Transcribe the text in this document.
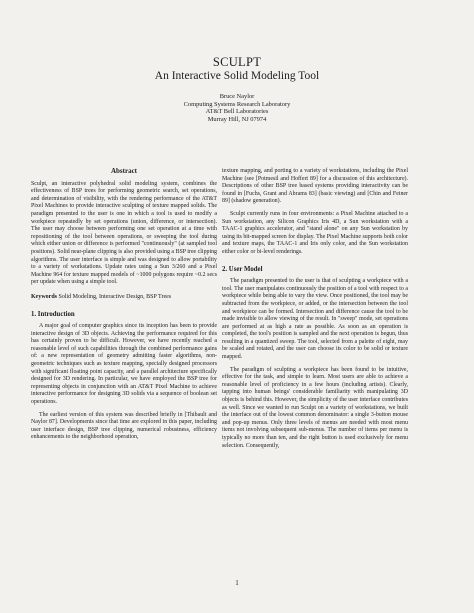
SCULPT
An Interactive Solid Modeling Tool
Bruce Naylor
Computing Systems Research Laboratory
AT&T Bell Laboratories
Murray Hill, NJ 07974
Abstract

Sculpt, an interactive polyhedral solid modeling system, combines the effectiveness of BSP trees for performing geometric search, set operations, and determination of visibility, with the rendering performance of the AT&T Pixel Machines to provide interactive sculpting of texture mapped solids. The paradigm presented to the user is one in which a tool is used to modify a workpiece repeatedly by set operations (union, difference, or intersection). The user may choose between performing one set operation at a time with repositioning of the tool between operations, or sweeping the tool during which either union or difference is performed "continuously" (at sampled tool positions). Solid near-plane clipping is also provided using a BSP tree clipping algorithms. The user interface is simple and was designed to allow portability to a variety of workstations. Update rates using a Sun 3/260 and a Pixel Machine 964 for texture mapped models of ~1000 polygons require ~0.2 secs per update when using a simple tool.

Keywords Solid Modeling, Interactive Design, BSP Trees
1. Introduction

A major goal of computer graphics since its inception has been to provide interactive design of 3D objects. Achieving the performance required for this has certainly proven to be difficult. However, we have recently reached a reasonable level of such capabilities through the combined performance gains of: a new representation of geometry admitting faster algorithms, non-geometric techniques such as texture mapping, specially designed processors with significant floating point capacity, and a parallel architecture specifically designed for 3D rendering. In particular, we have employed the BSP tree for representing objects in conjunction with an AT&T Pixel Machine to achieve interactive performance for designing 3D solids via a sequence of boolean set operations.

The earliest version of this system was described briefly in [Thibault and Naylor 87]. Developments since that time are explored in this paper, including user interface design, BSP tree clipping, numerical robustness, efficiency enhancements to the neighborhood operation,

texture mapping, and porting to a variety of workstations, including the Pixel Machine (see [Potmesil and Hoffert 89] for a discussion of this architecture). Descriptions of other BSP tree based systems providing interactivity can be found in [Fuchs, Grant and Abrams 83] (basic viewing) and [Chin and Feiner 89] (shadow generation).

Sculpt currently runs in four environments: a Pixel Machine attached to a Sun workstation, any Silicon Graphics Iris 4D, a Sun workstation with a TAAC-1 graphics accelerator, and "stand alone" on any Sun workstation by using its bit-mapped screen for display. The Pixel Machine supports both color and texture maps, the TAAC-1 and Iris only color, and the Sun workstation either color or bi-level renderings.

2. User Model

The paradigm presented to the user is that of sculpting a workpiece with a tool. The user manipulates continuously the position of a tool with respect to a workpiece while being able to vary the view. Once positioned, the tool may be subtracted from the workpiece, or added, or the intersection between the tool and workpiece can be formed. Intersection and difference cause the tool to be made invisible to allow viewing of the result. In "sweep" mode, set operations are performed at as high a rate as possible. As soon as an operation is completed, the tool's position is sampled and the next operation is begun, thus resulting in a quantized sweep. The tool, selected from a palette of eight, may be scaled and rotated, and the user can choose its color to be solid or texture mapped.

The paradigm of sculpting a workpiece has been found to be intuitive, effective for the task, and simple to learn. Most users are able to achieve a reasonable level of proficiency in a few hours (including artists). Clearly, tapping into human beings' considerable familiarity with manipulating 3D objects is behind this. However, the simplicity of the user interface contributes as well. Since we wanted to run Sculpt on a variety of workstations, we built the interface out of the lowest common denominator: a single 3-button mouse and pop-up menus. Only three levels of menus are needed with most menu items not involving subsequent sub-menus. The number of items per menu is typically no more than ten, and the right button is used exclusively for menu selection. Consequently,

1
